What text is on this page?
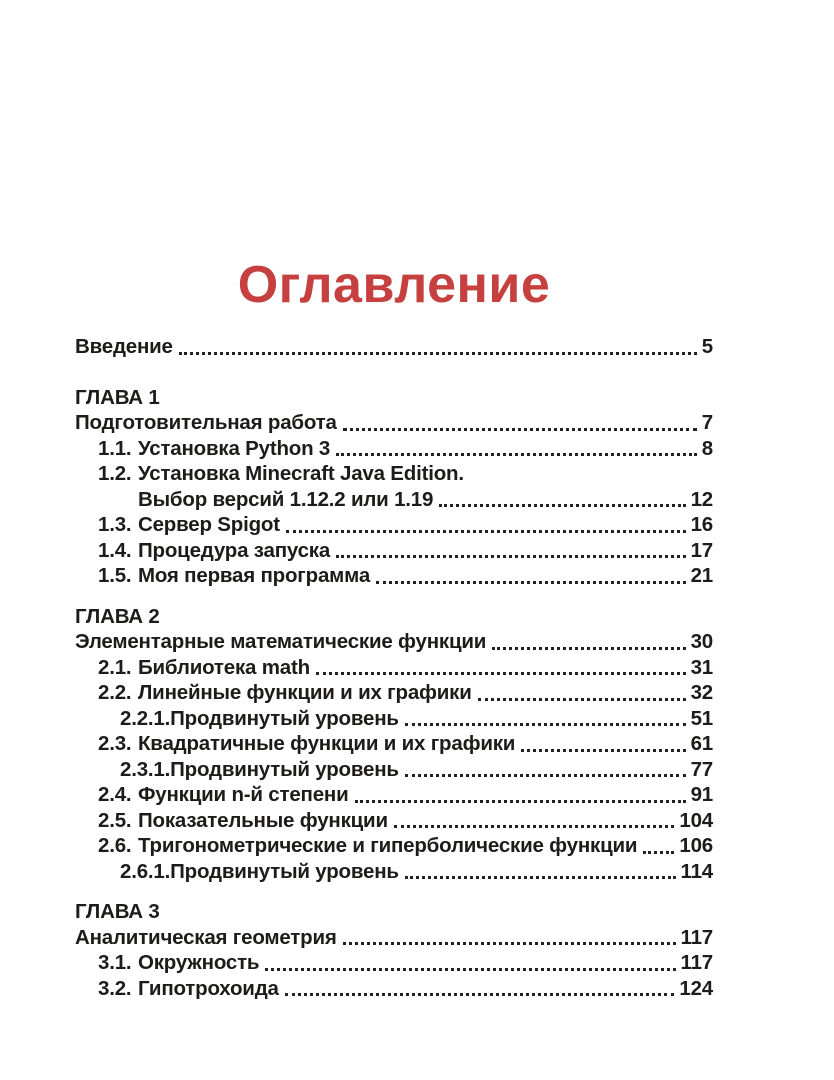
Оглавление
Введение	5
ГЛАВА 1
Подготовительная работа	7
1.1. Установка Python 3	8
1.2. Установка Minecraft Java Edition.
Выбор версий 1.12.2 или 1.19	12
1.3. Сервер Spigot	16
1.4. Процедура запуска	17
1.5. Моя первая программа	21
ГЛАВА 2
Элементарные математические функции	30
2.1. Библиотека math	31
2.2. Линейные функции и их графики	32
2.2.1. Продвинутый уровень	51
2.3. Квадратичные функции и их графики	61
2.3.1. Продвинутый уровень	77
2.4. Функции n-й степени	91
2.5. Показательные функции	104
2.6. Тригонометрические и гиперболические функции 106
2.6.1. Продвинутый уровень	114
ГЛАВА 3
Аналитическая геометрия	117
3.1. Окружность	117
3.2. Гипотрохоида	124
